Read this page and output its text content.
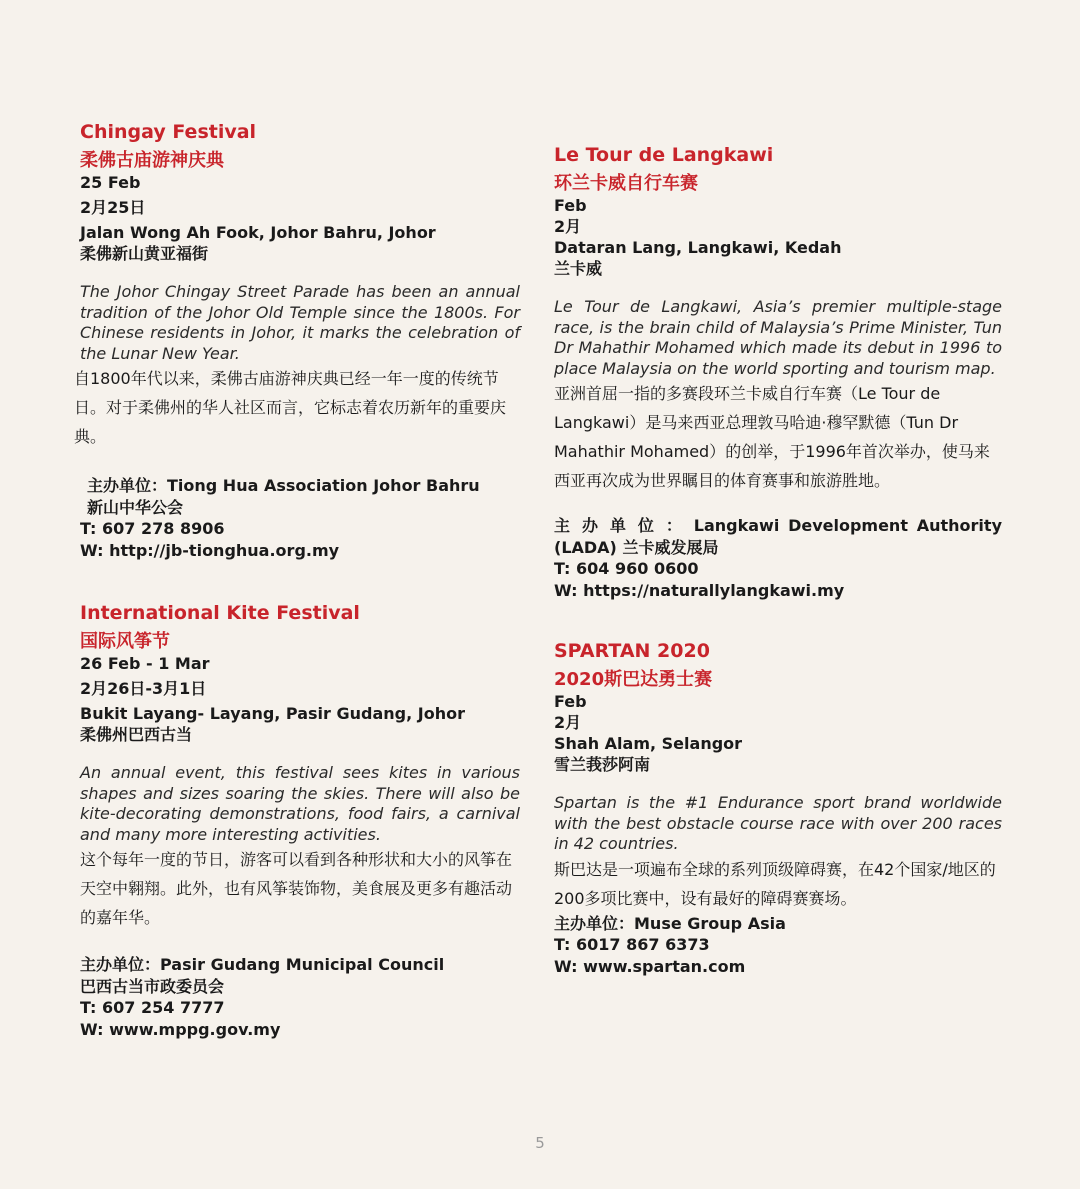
Chingay Festival
柔佛古庙游神庆典
25 Feb
2月25日
Jalan Wong Ah Fook, Johor Bahru, Johor
柔佛新山黄亚福街

The Johor Chingay Street Parade has been an annual tradition of the Johor Old Temple since the 1800s. For Chinese residents in Johor, it marks the celebration of the Lunar New Year.

自1800年代以来，柔佛古庙游神庆典已经一年一度的传统节日。对于柔佛州的华人社区而言，它标志着农历新年的重要庆典。

主办单位：Tiong Hua Association Johor Bahru
新山中华公会
T: 607 278 8906
W: http://jb-tionghua.org.my
International Kite Festival
国际风筝节
26 Feb - 1 Mar
2月26日-3月1日
Bukit Layang- Layang, Pasir Gudang, Johor
柔佛州巴西古当

An annual event, this festival sees kites in various shapes and sizes soaring the skies. There will also be kite-decorating demonstrations, food fairs, a carnival and many more interesting activities.

这个每年一度的节日，游客可以看到各种形状和大小的风筝在天空中翱翔。此外，也有风筝装饰物，美食展及更多有趣活动的嘉年华。

主办单位：Pasir Gudang Municipal Council
巴西古当市政委员会
T: 607 254 7777
W: www.mppg.gov.my
Le Tour de Langkawi
环兰卡威自行车赛
Feb
2月
Dataran Lang, Langkawi, Kedah
兰卡威

Le Tour de Langkawi, Asia’s premier multiple-stage race, is the brain child of Malaysia’s Prime Minister, Tun Dr Mahathir Mohamed which made its debut in 1996 to place Malaysia on the world sporting and tourism map.

亚洲首屈一指的多赛段环兰卡威自行车赛（Le Tour de Langkawi）是马来西亚总理敦马哈迪·穆罕默德（Tun Dr Mahathir Mohamed）的创举，于1996年首次举办，使马来西亚再次成为世界瞩目的体育赛事和旅游胜地。

主 办 单 位 ： Langkawi Development Authority (LADA) 兰卡威发展局
T: 604 960 0600
W: https://naturallylangkawi.my
SPARTAN 2020
2020斯巴达勇士赛
Feb
2月
Shah Alam, Selangor
雪兰莪莎阿南

Spartan is the #1 Endurance sport brand worldwide with the best obstacle course race with over 200 races in 42 countries.

斯巴达是一项遍布全球的系列顶级障碍赛，在42个国家/地区的200多项比赛中，设有最好的障碍赛赛场。

主办单位：Muse Group Asia
T: 6017 867 6373
W: www.spartan.com
5
